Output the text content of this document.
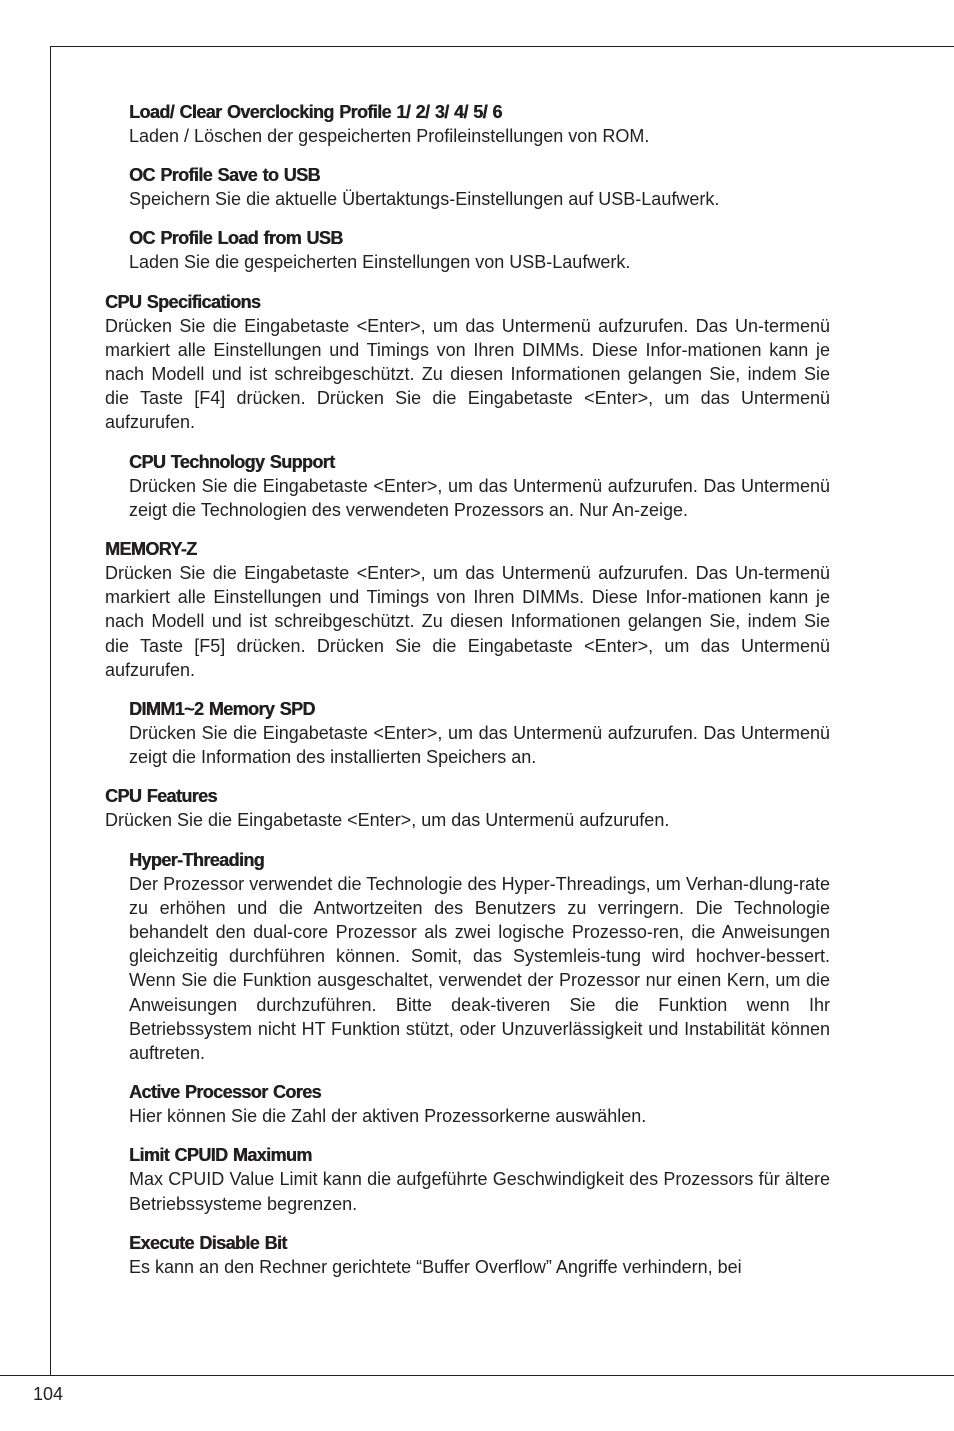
Load/ Clear Overclocking Profile 1/ 2/ 3/ 4/ 5/ 6
Laden / Löschen der gespeicherten Profileinstellungen von ROM.
OC Profile Save to USB
Speichern Sie die aktuelle Übertaktungs-Einstellungen auf USB-Laufwerk.
OC Profile Load from USB
Laden Sie die gespeicherten Einstellungen von USB-Laufwerk.
CPU Specifications
Drücken Sie die Eingabetaste <Enter>, um das Untermenü aufzurufen. Das Un-termenü markiert alle Einstellungen und Timings von Ihren DIMMs. Diese Infor-mationen kann je nach Modell und ist schreibgeschützt. Zu diesen Informationen gelangen Sie, indem Sie die Taste [F4] drücken. Drücken Sie die Eingabetaste <Enter>, um das Untermenü aufzurufen.
CPU Technology Support
Drücken Sie die Eingabetaste <Enter>, um das Untermenü aufzurufen. Das Untermenü zeigt die Technologien des verwendeten Prozessors an. Nur An-zeige.
MEMORY-Z
Drücken Sie die Eingabetaste <Enter>, um das Untermenü aufzurufen. Das Un-termenü markiert alle Einstellungen und Timings von Ihren DIMMs. Diese Infor-mationen kann je nach Modell und ist schreibgeschützt. Zu diesen Informationen gelangen Sie, indem Sie die Taste [F5] drücken. Drücken Sie die Eingabetaste <Enter>, um das Untermenü aufzurufen.
DIMM1~2 Memory SPD
Drücken Sie die Eingabetaste <Enter>, um das Untermenü aufzurufen. Das Untermenü zeigt die Information des installierten Speichers an.
CPU Features
Drücken Sie die Eingabetaste <Enter>, um das Untermenü aufzurufen.
Hyper-Threading
Der Prozessor verwendet die Technologie des Hyper-Threadings, um Verhan-dlung-rate zu erhöhen und die Antwortzeiten des Benutzers zu verringern. Die Technologie behandelt den dual-core Prozessor als zwei logische Prozesso-ren, die Anweisungen gleichzeitig durchführen können. Somit, das Systemleis-tung wird hochver-bessert. Wenn Sie die Funktion ausgeschaltet, verwendet der Prozessor nur einen Kern, um die Anweisungen durchzuführen. Bitte deak-tiveren Sie die Funktion wenn Ihr Betriebssystem nicht HT Funktion stützt, oder Unzuverlässigkeit und Instabilität können auftreten.
Active Processor Cores
Hier können Sie die Zahl der aktiven Prozessorkerne auswählen.
Limit CPUID Maximum
Max CPUID Value Limit kann die aufgeführte Geschwindigkeit des Prozessors für ältere Betriebssysteme begrenzen.
Execute Disable Bit
Es kann an den Rechner gerichtete “Buffer Overflow” Angriffe verhindern, bei
104
